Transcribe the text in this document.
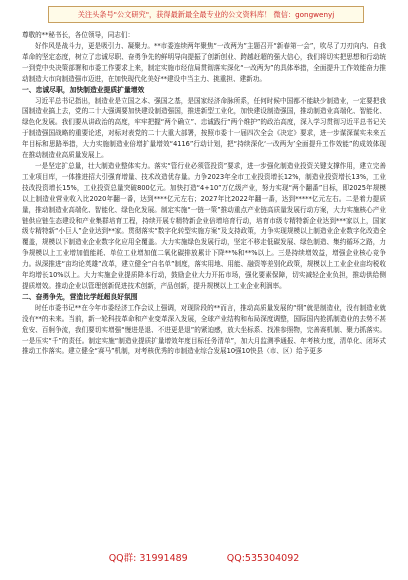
关注头条号"公文研究"，获得最新最全最专业的公文资料库！ 微信：gongwenyj

尊敬的**秘书长，各位领导，同志们：

好作风是战斗力，更是吸引力、凝聚力。**市委连续两年聚焦“一改两为”主题召开“新春第一会”，吹尽了刀刃向内、自我革命的坚定态度，树立了忠诚尽职、奋勇争先的鲜明导向提振了创新创业、跨越赶超的强大信心，我们将切实把思想和行动统一到党中央决策部署和市委工作要求上来，制定实施市经信局贯彻落实深化“一改两为”的具体举措，全面提升工作效能奋力推动制造大市向制造强市迈进，在加快现代化美好**建设中当主力、挑重担、建新功。

一、忠诚尽职，加快制造业提质扩量增效

习近平总书记指出，制造业是立国之本、强国之基，是国家经济命脉所系，任何时候中国都不能缺少制造业，一定要把我国制造业搞上去，党的二十大强调要加快建设制造强国，推进新型工业化，加快建设制造强国，推动制造业高端化、智能化、绿色化发展。我们要从讲政治的高度，牢牢把握“两个确立”、忠诚践行“两个维护”的政治高度，深入学习贯彻习近平总书记关于制造强国战略的重要论述，对标对表党的二十大重大部署，按照市委十一届四次全会《决定》要求，进一步谋深谋实未来五年目标和思路举措，大力实施制造业倍增扩量增效“4116”行动计划，把“持续深化‘一改两为’全面提升工作效能”的成效体现在推动制造业高质量发展上。

一是坚定扩总量，壮大制造业整体实力。落实“管行业必须管投资”要求，进一步强化制造业投资关键支撑作用，建立完善工业项目库，一体推进招大引强育增量、技术改造优存量。力争2023年全市工业投资增长12%，制造业投资增长13%，工业技改投资增长15%，工业投资总量突破800亿元。加快打造“4+10”万亿级产业，努力实现“两个翻番”目标，即2025年规模以上制造业营业收入比2020年翻一番，达到****亿元左右；2027年比2022年翻一番，达到*****亿元左右。二是着力提质量，推动制造业高端化、智能化、绿色化发展。制定实施“一链一策”推动重点产业链高质量发展行动方案，大力实施核心产业链供应链生态建设和产业集群培育工程，持续开展专精特新企业倍增培育行动，培育市级专精特新企业达到***家以上，国家级专精特新“小巨人”企业达到**家。贯彻落实“数字化转型实施方案”及支持政策，力争实现规模以上制造业企业数字化改造全覆盖，规模以下制造业企业数字化应用全覆盖。大力实施绿色发展行动，坚定不移走低碳发展、绿色制造、集约循环之路，力争规模以上工业增加值能耗、单位工业增加值二氧化碳排放累计下降**%和**%以上。三是持续增效益，增强企业核心竞争力。纵深推进“亩均论英雄”改革，建立健全“自名单”制度，落实用地、用能、融资等差别化政策，规模以上工业企业亩均税收年均增长10%以上。大力实施企业提质降本行动，鼓励企业大力开拓市场，强化要素保障，切实减轻企业负担，推动供给侧提质增效。推动企业以管理创新促进技术创新，产品创新，提升规模以上工业企业利润率。

二、奋勇争先，营造比学赶超良好氛围

时任市委书记**在今年市委经济工作会议上强调，对现阶段的**而言，推动高质量发展的“纲”就是制造业，没有制造业就没有**的未来。当前，新一轮科技革命和产业变革深入发展，全球产业结构和布局深度调整，国际国内抢抓制造业的去势不甚危安、百舸争流，我们要切实增强“慢进是退、不进更是退”的紧迫感，放大坐标系、找准参照物，完善赛机制、聚力抓落实。一是压实“千”的责任。制定实施“制造业提质扩量增效年度目标任务清单”，加大月监测季通报、年考核力度，清单化、闭环式推动工作落实。建立健全“赛马”机制，对考核优秀的市制造业综合发展10强10快县（市、区）给予更多

QQ群: 31991489	QQ:535304092
